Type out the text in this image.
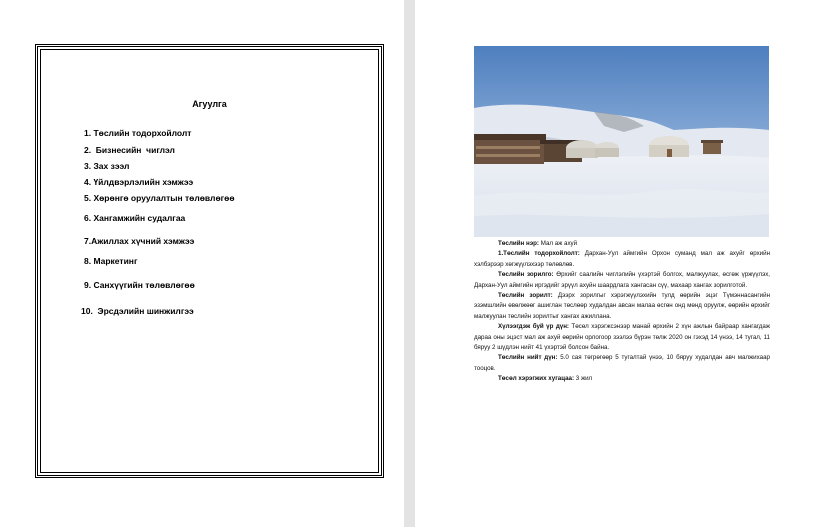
Агуулга
1. Төслийн тодорхойлолт
2.  Бизнесийн  чиглэл
3. Зах зээл
4. Үйлдвэрлэлийн хэмжээ
5. Хөрөнгө оруулалтын төлөвлөгөө
6. Хангамжийн судалгаа
7.Ажиллах хүчний хэмжээ
8. Маркетинг
9. Санхүүгийн төлөвлөгөө
10.  Эрсдэлийн шинжилгээ

Төслийн нэр: Мал аж ахуй

1.Төслийн тодорхойлолт: Дархан-Уул аймгийн Орхон суманд мал аж ахуйг өрхийн хэлбэрээр хөгжүүлэхээр төлөвлөв.

Төслийн зорилго: Өрхийг саалийн чиглэлийн үхэртэй болгох, малжуулах, өсгөж үржүүлэх, Дархан-Уул аймгийн иргэдийг эрүүл ахуйн шаардлага хангасан сүү, махаар хангах зорилготой.

Төслийн зорилт: Дээрх зорилгыг хэрэгжүүлэхийн тулд өөрийн эцэг Түмэннасангийн эзэмшлийн өвөлжөөг ашиглан төслөөр худалдан авсан малаа өсгөн онд мөнд оруулж, өөрийн өрхийг малжуулан төслийн зорилтыг хангах ажиллана.

Хүлээгдэж буй үр дүн: Төсөл хэрэгжсэнээр манай өрхийн 2 хүн ажлын байраар хангагдаж дараа оны эцэст мал аж ахуй өөрийн орлогоор зээлээ бүрэн төлж 2020 он гэхэд 14 үнээ, 14 тугал, 11 бяруу 2 шүдлэн нийт 41 үхэртэй болсон байна.

Төслийн нийт дүн: 5.0 сая төгрөгөөр 5 тугалтай үнээ, 10 бяруу худалдан авч малжихаар тооцов.

Төсөл хэрэгжих хугацаа: 3 жил
